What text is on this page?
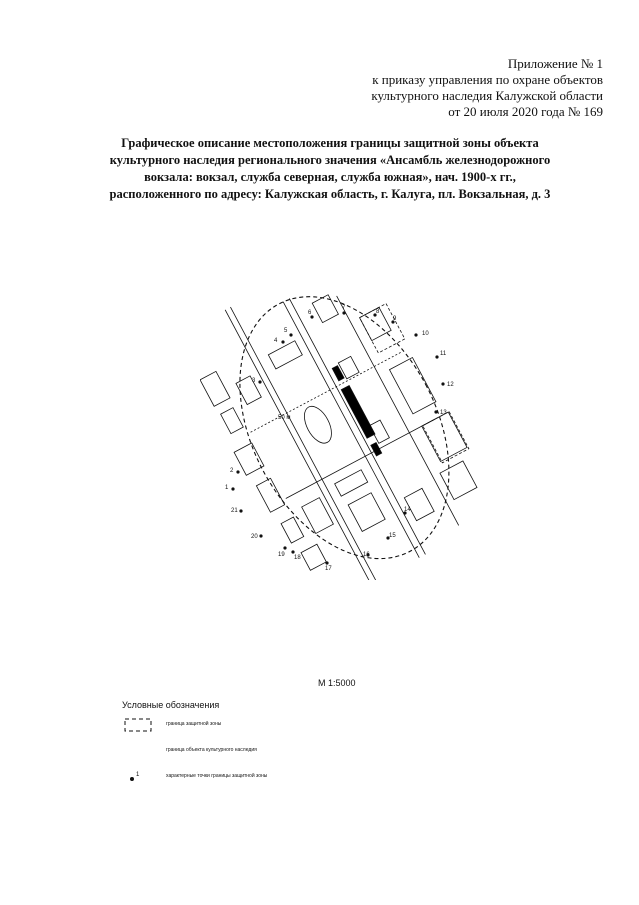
Приложение № 1
к приказу управления по охране объектов
культурного наследия Калужской области
от 20 июля 2020 года № 169
Графическое описание местоположения границы защитной зоны объекта
культурного наследия регионального значения «Ансамбль железнодорожного
вокзала: вокзал, служба северная, служба южная», нач. 1900-х гг.,
расположенного по адресу: Калужская область, г. Калуга, пл. Вокзальная, д. 3
1
2
3
4
5
6
7
8
9
10
11
12
13
14
15
16
17
18
19
20
21
50 м
М 1:5000
Условные обозначения
граница защитной зоны
граница объекта культурного наследия
1	характерные точки границы защитной зоны
